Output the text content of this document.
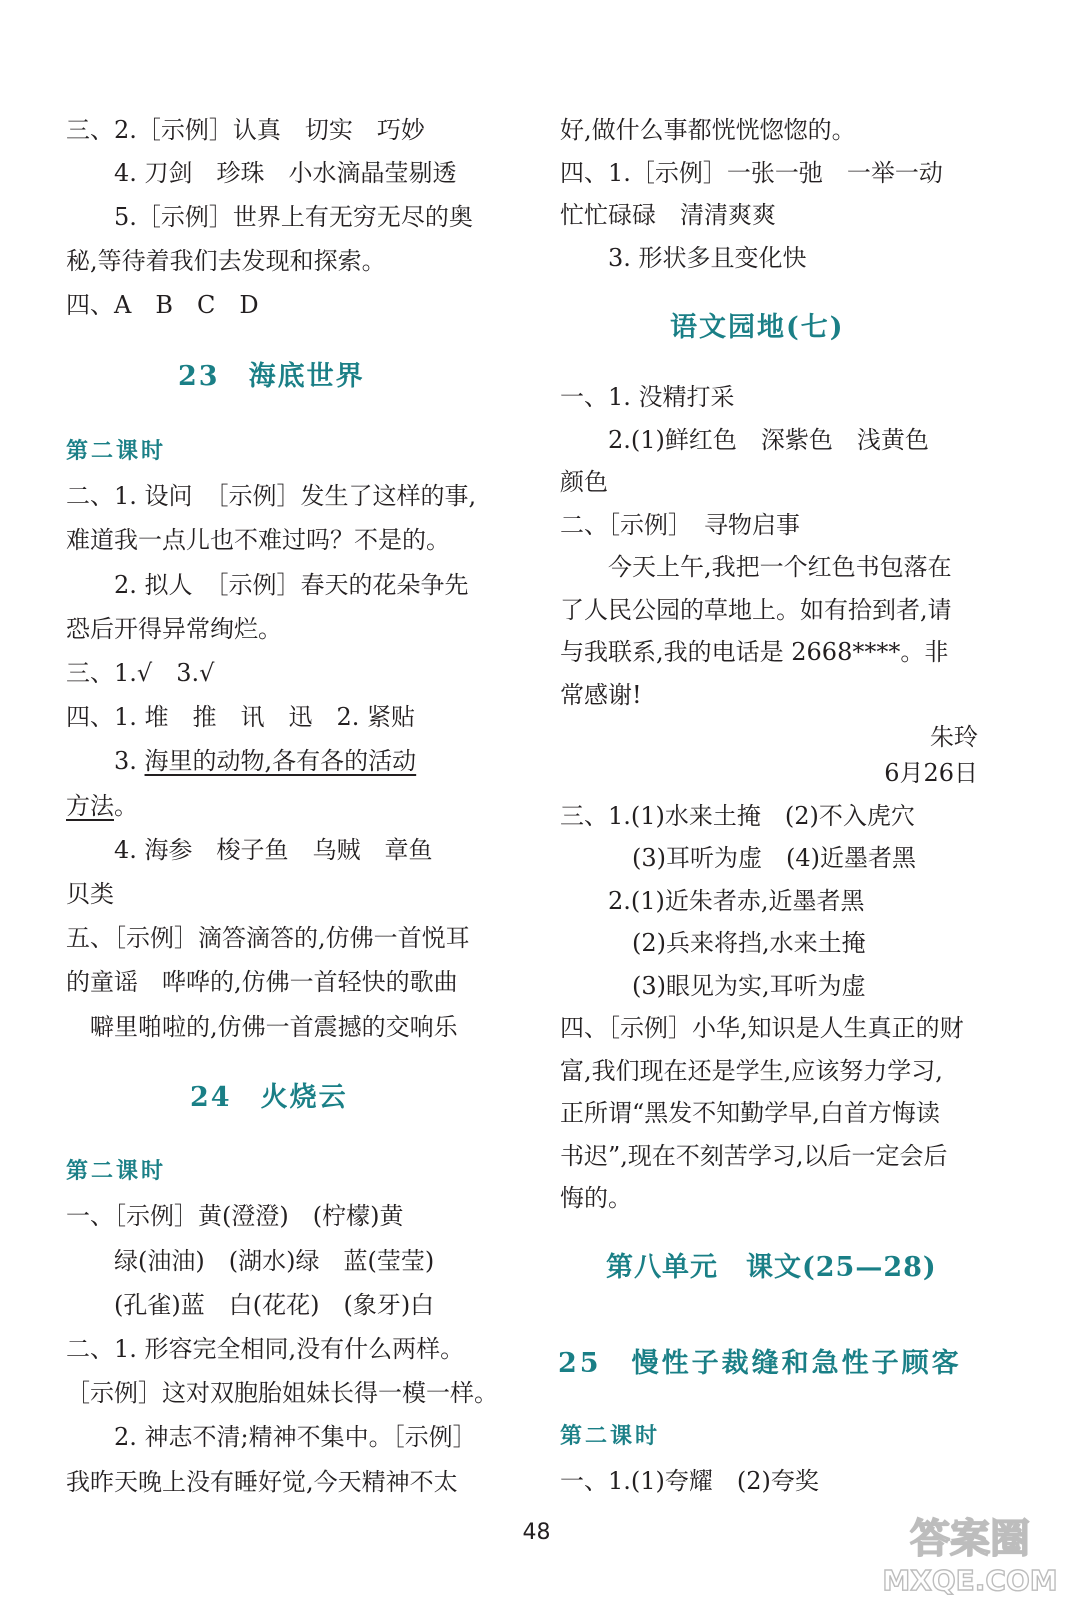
三、2.［示例］认真　切实　巧妙
　　4. 刀剑　珍珠　小水滴晶莹剔透
　　5.［示例］世界上有无穷无尽的奥
秘,等待着我们去发现和探索。
四、A　B　C　D
23　海底世界
第二课时
二、1. 设问　［示例］发生了这样的事,
难道我一点儿也不难过吗？不是的。
　　2. 拟人　［示例］春天的花朵争先
恐后开得异常绚烂。
三、1.√　3.√
四、1. 堆　推　讯　迅　2. 紧贴
　　3. 海里的动物,各有各的活动
方法。
　　4. 海参　梭子鱼　乌贼　章鱼
贝类
五、［示例］滴答滴答的,仿佛一首悦耳
的童谣　哗哗的,仿佛一首轻快的歌曲
　噼里啪啦的,仿佛一首震撼的交响乐
24　火烧云
第二课时
一、［示例］黄(澄澄)　(柠檬)黄
　　绿(油油)　(湖水)绿　蓝(莹莹)
　　(孔雀)蓝　白(花花)　(象牙)白
二、1. 形容完全相同,没有什么两样。
［示例］这对双胞胎姐妹长得一模一样。
　　2. 神志不清;精神不集中。［示例］
我昨天晚上没有睡好觉,今天精神不太
好,做什么事都恍恍惚惚的。
四、1.［示例］一张一弛　一举一动
忙忙碌碌　清清爽爽
　　3. 形状多且变化快
语文园地(七)
一、1. 没精打采
　　2.(1)鲜红色　深紫色　浅黄色
颜色
二、［示例］　寻物启事
　　今天上午,我把一个红色书包落在
了人民公园的草地上。如有拾到者,请
与我联系,我的电话是 2668****。非
常感谢!
朱玲
6月26日
三、1.(1)水来土掩　(2)不入虎穴
　　　(3)耳听为虚　(4)近墨者黑
　　2.(1)近朱者赤,近墨者黑
　　　(2)兵来将挡,水来土掩
　　　(3)眼见为实,耳听为虚
四、［示例］小华,知识是人生真正的财
富,我们现在还是学生,应该努力学习,
正所谓“黑发不知勤学早,白首方悔读
书迟”,现在不刻苦学习,以后一定会后
悔的。
第八单元　课文(25—28)
25　慢性子裁缝和急性子顾客
第二课时
一、1.(1)夸耀　(2)夸奖
48	答案圈
MXQE.COM
